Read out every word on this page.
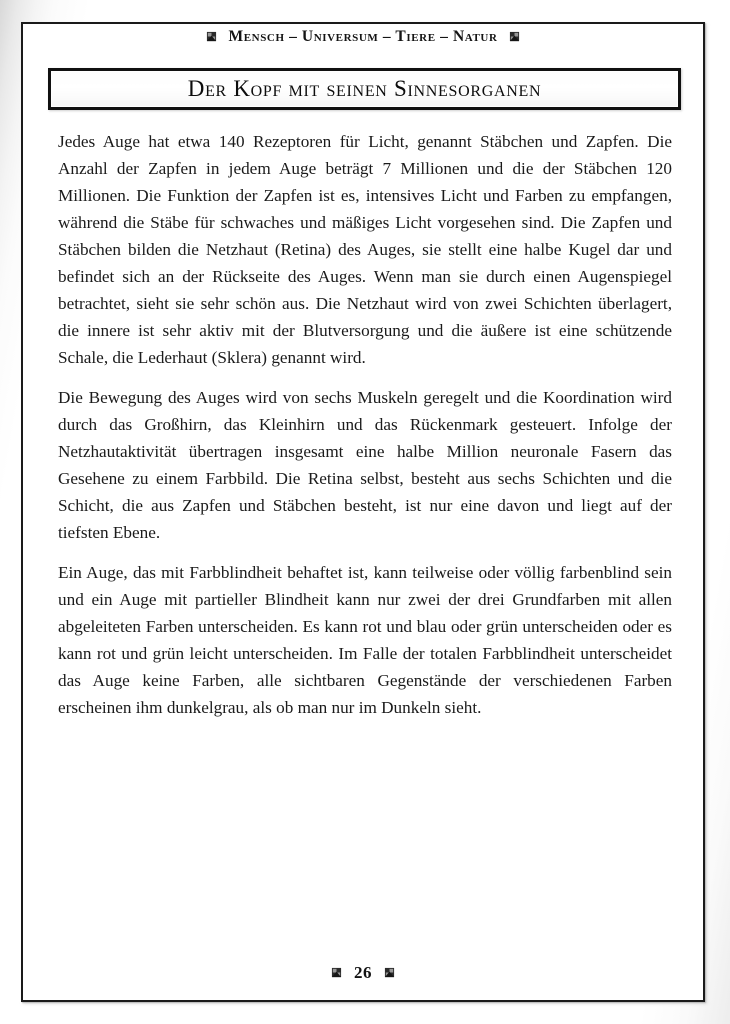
Mensch – Universum – Tiere – Natur
Der Kopf mit seinen Sinnesorganen

Jedes Auge hat etwa 140 Rezeptoren für Licht, genannt Stäbchen und Zapfen. Die Anzahl der Zapfen in jedem Auge beträgt 7 Millionen und die der Stäbchen 120 Millionen. Die Funktion der Zapfen ist es, intensives Licht und Farben zu empfangen, während die Stäbe für schwaches und mäßiges Licht vorgesehen sind. Die Zapfen und Stäbchen bilden die Netzhaut (Retina) des Auges, sie stellt eine halbe Kugel dar und befindet sich an der Rückseite des Auges. Wenn man sie durch einen Augenspiegel betrachtet, sieht sie sehr schön aus. Die Netzhaut wird von zwei Schichten überlagert, die innere ist sehr aktiv mit der Blutversorgung und die äußere ist eine schützende Schale, die Lederhaut (Sklera) genannt wird.

Die Bewegung des Auges wird von sechs Muskeln geregelt und die Koordination wird durch das Großhirn, das Kleinhirn und das Rückenmark gesteuert. Infolge der Netzhautaktivität übertragen insgesamt eine halbe Million neuronale Fasern das Gesehene zu einem Farbbild. Die Retina selbst, besteht aus sechs Schichten und die Schicht, die aus Zapfen und Stäbchen besteht, ist nur eine davon und liegt auf der tiefsten Ebene.

Ein Auge, das mit Farbblindheit behaftet ist, kann teilweise oder völlig farbenblind sein und ein Auge mit partieller Blindheit kann nur zwei der drei Grundfarben mit allen abgeleiteten Farben unterscheiden. Es kann rot und blau oder grün unterscheiden oder es kann rot und grün leicht unterscheiden. Im Falle der totalen Farbblindheit unterscheidet das Auge keine Farben, alle sichtbaren Gegenstände der verschiedenen Farben erscheinen ihm dunkelgrau, als ob man nur im Dunkeln sieht.

26
